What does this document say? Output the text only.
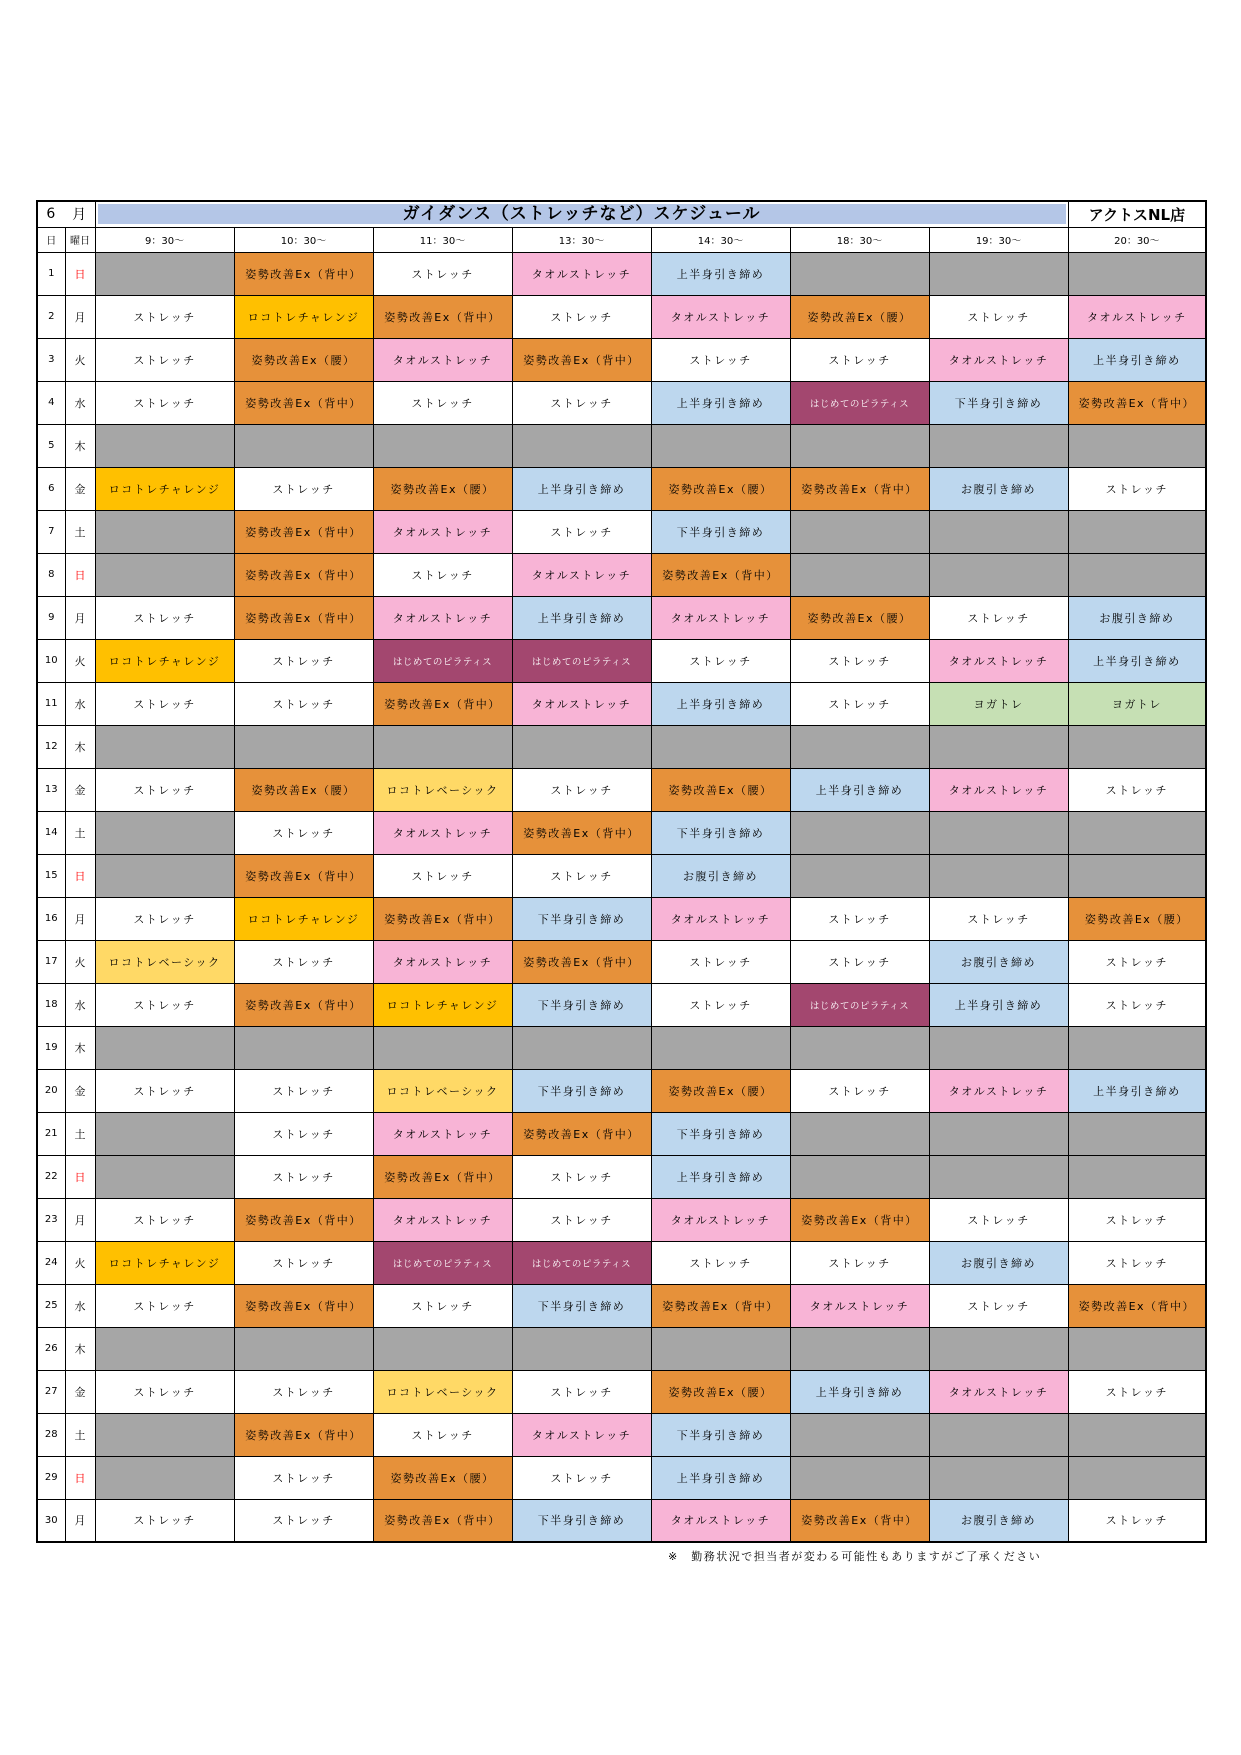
6 月		ガイダンス（ストレッチなど）スケジュール							アクトスNL店
日	曜日	9：30～	10：30～	11：30～	13：30～	14：30～	18：30～	19：30～	20：30～
1	日		姿勢改善Ex（背中）	ストレッチ	タオルストレッチ	上半身引き締め			
2	月	ストレッチ	ロコトレチャレンジ	姿勢改善Ex（背中）	ストレッチ	タオルストレッチ	姿勢改善Ex（腰）	ストレッチ	タオルストレッチ
3	火	ストレッチ	姿勢改善Ex（腰）	タオルストレッチ	姿勢改善Ex（背中）	ストレッチ	ストレッチ	タオルストレッチ	上半身引き締め
4	水	ストレッチ	姿勢改善Ex（背中）	ストレッチ	ストレッチ	上半身引き締め	はじめてのピラティス	下半身引き締め	姿勢改善Ex（背中）
5	木								
6	金	ロコトレチャレンジ	ストレッチ	姿勢改善Ex（腰）	上半身引き締め	姿勢改善Ex（腰）	姿勢改善Ex（背中）	お腹引き締め	ストレッチ
7	土		姿勢改善Ex（背中）	タオルストレッチ	ストレッチ	下半身引き締め			
8	日		姿勢改善Ex（背中）	ストレッチ	タオルストレッチ	姿勢改善Ex（背中）			
9	月	ストレッチ	姿勢改善Ex（背中）	タオルストレッチ	上半身引き締め	タオルストレッチ	姿勢改善Ex（腰）	ストレッチ	お腹引き締め
10	火	ロコトレチャレンジ	ストレッチ	はじめてのピラティス	はじめてのピラティス	ストレッチ	ストレッチ	タオルストレッチ	上半身引き締め
11	水	ストレッチ	ストレッチ	姿勢改善Ex（背中）	タオルストレッチ	上半身引き締め	ストレッチ	ヨガトレ	ヨガトレ
12	木								
13	金	ストレッチ	姿勢改善Ex（腰）	ロコトレベーシック	ストレッチ	姿勢改善Ex（腰）	上半身引き締め	タオルストレッチ	ストレッチ
14	土		ストレッチ	タオルストレッチ	姿勢改善Ex（背中）	下半身引き締め			
15	日		姿勢改善Ex（背中）	ストレッチ	ストレッチ	お腹引き締め			
16	月	ストレッチ	ロコトレチャレンジ	姿勢改善Ex（背中）	下半身引き締め	タオルストレッチ	ストレッチ	ストレッチ	姿勢改善Ex（腰）
17	火	ロコトレベーシック	ストレッチ	タオルストレッチ	姿勢改善Ex（背中）	ストレッチ	ストレッチ	お腹引き締め	ストレッチ
18	水	ストレッチ	姿勢改善Ex（背中）	ロコトレチャレンジ	下半身引き締め	ストレッチ	はじめてのピラティス	上半身引き締め	ストレッチ
19	木								
20	金	ストレッチ	ストレッチ	ロコトレベーシック	下半身引き締め	姿勢改善Ex（腰）	ストレッチ	タオルストレッチ	上半身引き締め
21	土		ストレッチ	タオルストレッチ	姿勢改善Ex（背中）	下半身引き締め			
22	日		ストレッチ	姿勢改善Ex（背中）	ストレッチ	上半身引き締め			
23	月	ストレッチ	姿勢改善Ex（背中）	タオルストレッチ	ストレッチ	タオルストレッチ	姿勢改善Ex（背中）	ストレッチ	ストレッチ
24	火	ロコトレチャレンジ	ストレッチ	はじめてのピラティス	はじめてのピラティス	ストレッチ	ストレッチ	お腹引き締め	ストレッチ
25	水	ストレッチ	姿勢改善Ex（背中）	ストレッチ	下半身引き締め	姿勢改善Ex（背中）	タオルストレッチ	ストレッチ	姿勢改善Ex（背中）
26	木								
27	金	ストレッチ	ストレッチ	ロコトレベーシック	ストレッチ	姿勢改善Ex（腰）	上半身引き締め	タオルストレッチ	ストレッチ
28	土		姿勢改善Ex（背中）	ストレッチ	タオルストレッチ	下半身引き締め			
29	日		ストレッチ	姿勢改善Ex（腰）	ストレッチ	上半身引き締め			
30	月	ストレッチ	ストレッチ	姿勢改善Ex（背中）	下半身引き締め	タオルストレッチ	姿勢改善Ex（背中）	お腹引き締め	ストレッチ
※　勤務状況で担当者が変わる可能性もありますがご了承ください
